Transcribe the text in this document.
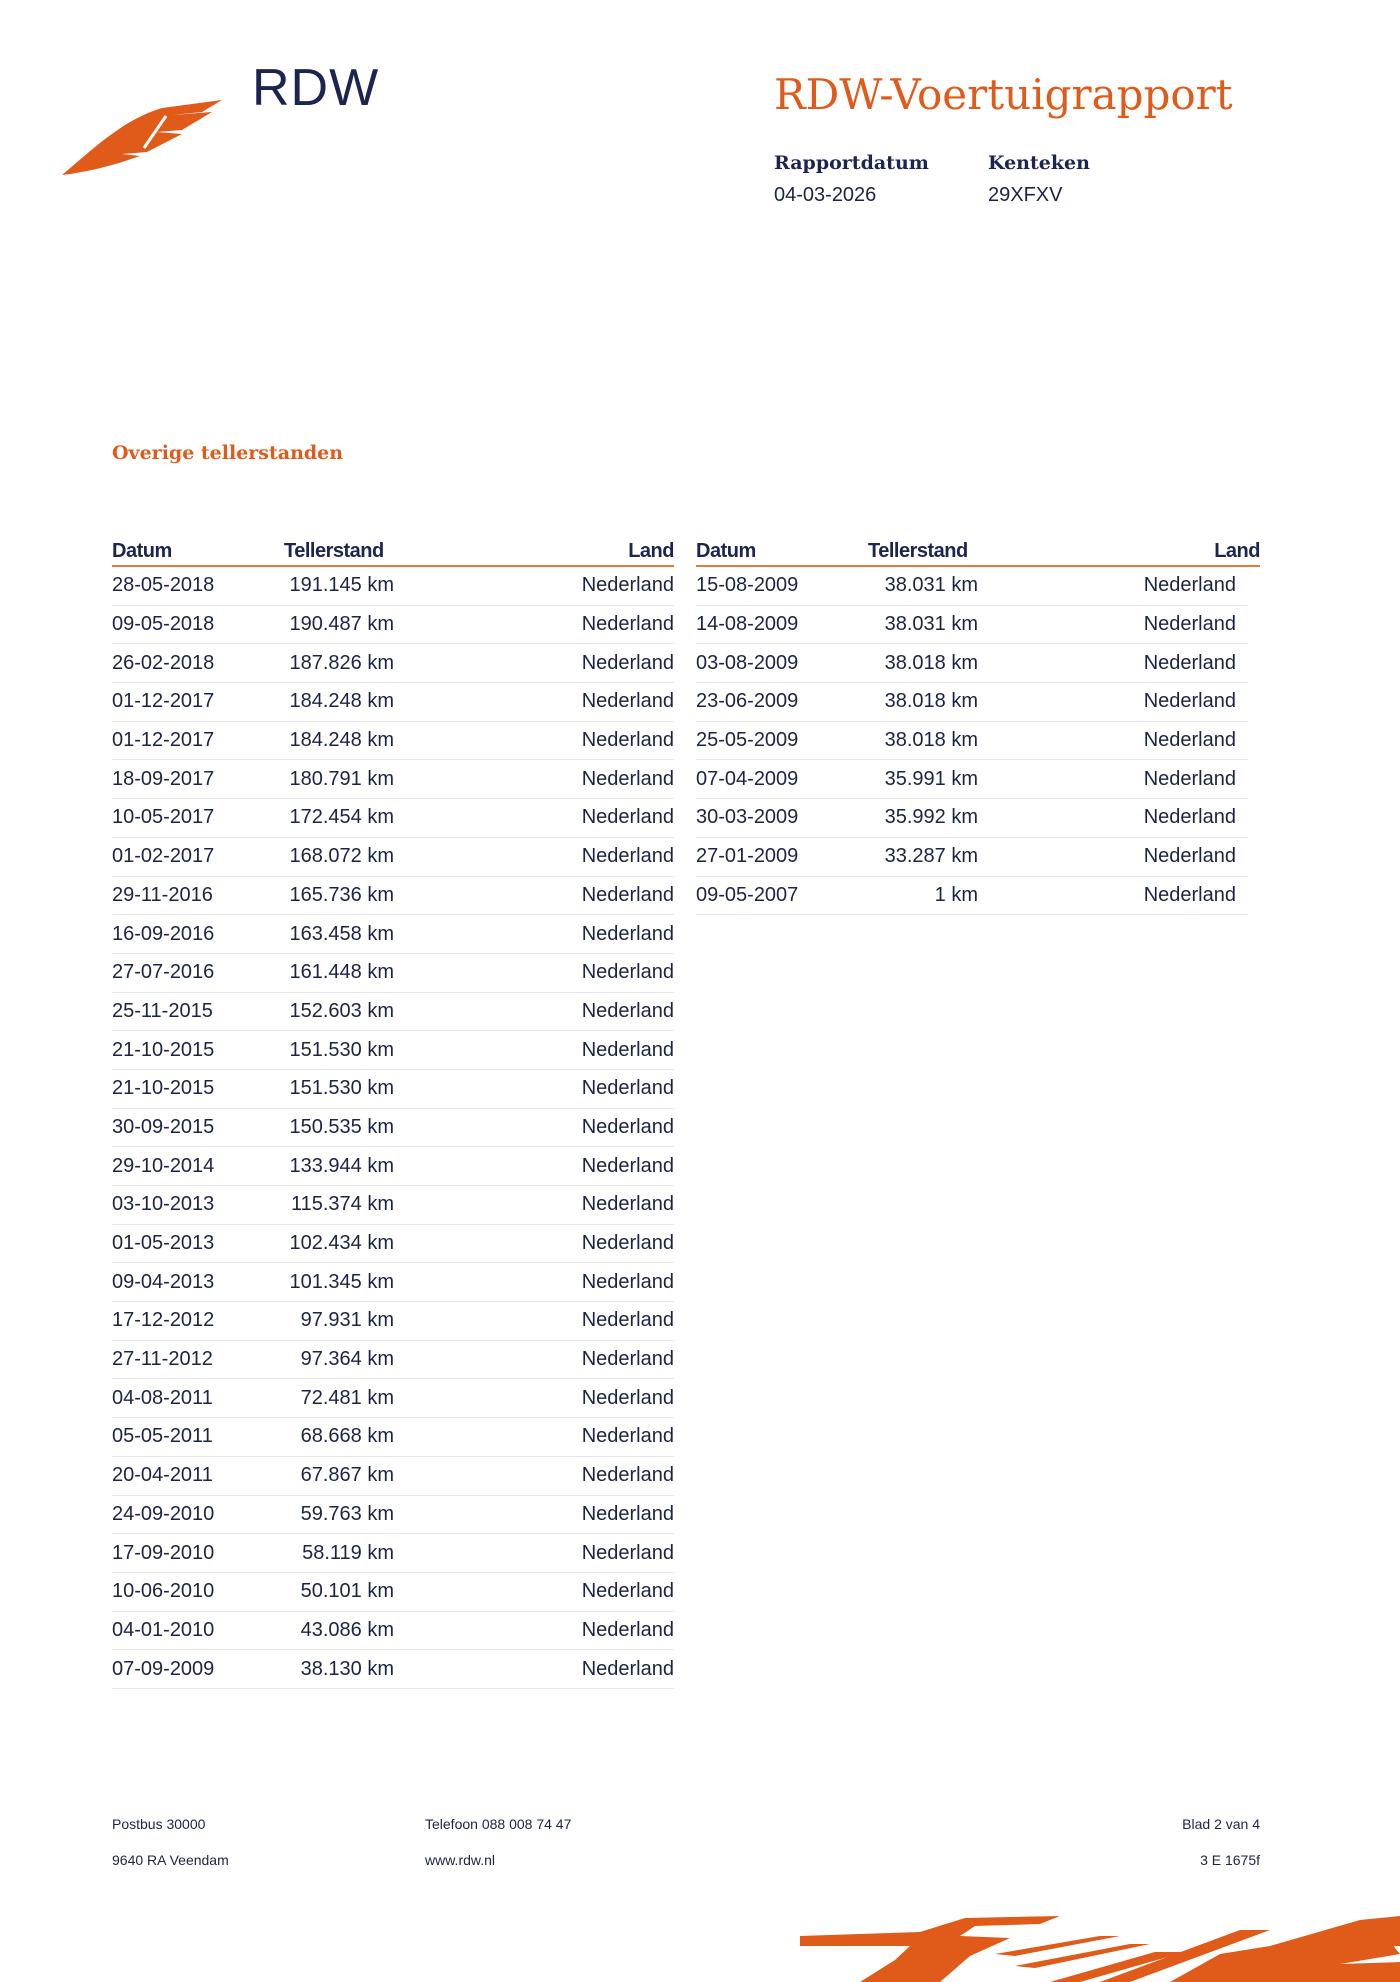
RDW	RDW-Voertuigrapport
Rapportdatum
04-03-2026
Kenteken
29XFXV
Overige tellerstanden
Datum	Tellerstand	Land
28-05-2018	191.145 km	Nederland
09-05-2018	190.487 km	Nederland
26-02-2018	187.826 km	Nederland
01-12-2017	184.248 km	Nederland
01-12-2017	184.248 km	Nederland
18-09-2017	180.791 km	Nederland
10-05-2017	172.454 km	Nederland
01-02-2017	168.072 km	Nederland
29-11-2016	165.736 km	Nederland
16-09-2016	163.458 km	Nederland
27-07-2016	161.448 km	Nederland
25-11-2015	152.603 km	Nederland
21-10-2015	151.530 km	Nederland
21-10-2015	151.530 km	Nederland
30-09-2015	150.535 km	Nederland
29-10-2014	133.944 km	Nederland
03-10-2013	115.374 km	Nederland
01-05-2013	102.434 km	Nederland
09-04-2013	101.345 km	Nederland
17-12-2012	97.931 km	Nederland
27-11-2012	97.364 km	Nederland
04-08-2011	72.481 km	Nederland
05-05-2011	68.668 km	Nederland
20-04-2011	67.867 km	Nederland
24-09-2010	59.763 km	Nederland
17-09-2010	58.119 km	Nederland
10-06-2010	50.101 km	Nederland
04-01-2010	43.086 km	Nederland
07-09-2009	38.130 km	Nederland
Datum	Tellerstand	Land
15-08-2009	38.031 km	Nederland
14-08-2009	38.031 km	Nederland
03-08-2009	38.018 km	Nederland
23-06-2009	38.018 km	Nederland
25-05-2009	38.018 km	Nederland
07-04-2009	35.991 km	Nederland
30-03-2009	35.992 km	Nederland
27-01-2009	33.287 km	Nederland
09-05-2007	1 km	Nederland
Postbus 30000
9640 RA Veendam
Telefoon 088 008 74 47
www.rdw.nl
Blad 2 van 4
3 E 1675f
